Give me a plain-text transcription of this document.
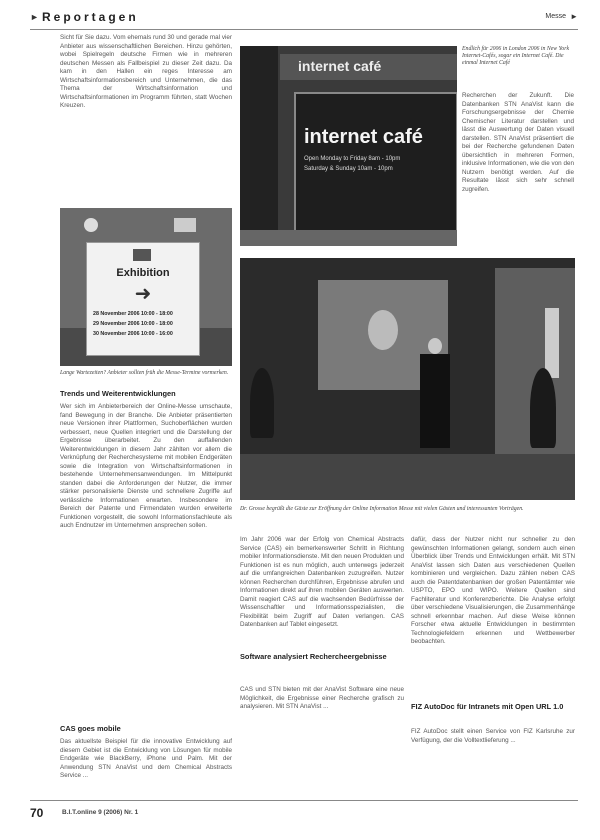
► Reportagen	Messe ►

Sicht für Sie dazu. Vom ehemals rund 30 und gerade mal vier Anbieter aus wissenschaftlichen Bereichen. Hinzu gehörten, wobei Spielregeln deutsche Firmen wie in mehreren deutschen Messen als Fallbeispiel zu dieser Zeit dazu. Da kam in den Hallen ein reges Interesse am Wirtschaftsinformationsbereich und Unternehmen, die das Thema der Wirtschaftsinformation und Wirtschaftsinformationen im Programm führten, statt Wochen Kreuzen.

Exhibition
➜
28 November 2006 10:00 - 18:00
29 November 2006 10:00 - 18:00
30 November 2006 10:00 - 16:00
Lange Wartezeiten? Anbieter sollten früh die Messe-Termine vormerken.
Trends und Weiterentwicklungen
Wer sich im Anbieterbereich der Online-Messe umschaute, fand Bewegung in der Branche. Die Anbieter präsentierten neue Versionen ihrer Plattformen, Suchoberflächen wurden verbessert, neue Quellen integriert und die Darstellung der Ergebnisse überarbeitet. Zu den auffallenden Weiterentwicklungen in diesem Jahr zählten vor allem die Verknüpfung der Recherchesysteme mit mobilen Endgeräten sowie die Integration von Wirtschaftsinformationen in bestehende Unternehmensanwendungen. Im Mittelpunkt standen dabei die Anforderungen der Nutzer, die immer stärker personalisierte Dienste und schnellere Zugriffe auf verlässliche Informationen erwarten. Insbesondere im Bereich der Patente und Firmendaten wurden erweiterte Funktionen vorgestellt, die sowohl Informationsfachleute als auch Endnutzer im Unternehmen ansprechen sollen.
CAS goes mobile
Das aktuellste Beispiel für die innovative Entwicklung auf diesem Gebiet ist die Entwicklung von Lösungen für mobile Endgeräte wie BlackBerry, iPhone und Palm. Mit der Anwendung STN AnaVist und dem Chemical Abstracts Service ...
internet café
internet café
Open Monday to Friday 8am - 10pm
Saturday & Sunday 10am - 10pm
Endlich für 2006 in London 2006 in New York Internet-Cafés, sogar ein Internet Café. Die einmal Internet Café
Recherchen der Zukunft. Die Datenbanken STN AnaVist kann die Forschungsergebnisse der Chemie Chemischer Literatur darstellen und lässt die Auswertung der Daten visuell darstellen. STN AnaVist präsentiert die bei der Recherche gefundenen Daten übersichtlich in mehreren Formen, inklusive Informationen, wie die von den Nutzern benötigt werden. Auf die Resultate lässt sich sehr schnell zugreifen.
Dr. Grosse begrüßt die Gäste zur Eröffnung der Online Information Messe mit vielen Gästen und interessanten Vorträgen.
Im Jahr 2006 war der Erfolg von Chemical Abstracts Service (CAS) ein bemerkenswerter Schritt in Richtung mobiler Informationsdienste. Mit den neuen Produkten und Funktionen ist es nun möglich, auch unterwegs jederzeit auf die umfangreichen Datenbanken zuzugreifen. Nutzer können Recherchen durchführen, Ergebnisse abrufen und Informationen direkt auf ihren mobilen Geräten auswerten. Damit reagiert CAS auf die wachsenden Bedürfnisse der Wissenschaftler und Informationsspezialisten, die Flexibilität beim Zugriff auf Daten verlangen. CAS Datenbanken auf Tablet eingesetzt.
Software analysiert Rechercheergebnisse
CAS und STN bieten mit der AnaVist Software eine neue Möglichkeit, die Ergebnisse einer Recherche grafisch zu analysieren. Mit STN AnaVist ...
dafür, dass der Nutzer nicht nur schneller zu den gewünschten Informationen gelangt, sondern auch einen Überblick über Trends und Entwicklungen erhält. Mit STN AnaVist lassen sich Daten aus verschiedenen Quellen kombinieren und vergleichen. Dazu zählen neben CAS auch die Patentdatenbanken der großen Patentämter wie USPTO, EPO und WIPO. Weitere Quellen sind Fachliteratur und Konferenzberichte. Die Analyse erfolgt über verschiedene Visualisierungen, die Zusammenhänge schnell erkennbar machen. Auf diese Weise können Forscher etwa aktuelle Entwicklungen in bestimmten Technologiefeldern erkennen und Wettbewerber beobachten.
FIZ AutoDoc für Intranets mit Open URL 1.0
FIZ AutoDoc stellt einen Service von FIZ Karlsruhe zur Verfügung, der die Volltextlieferung ...
70	B.I.T.online 9 (2006) Nr. 1
